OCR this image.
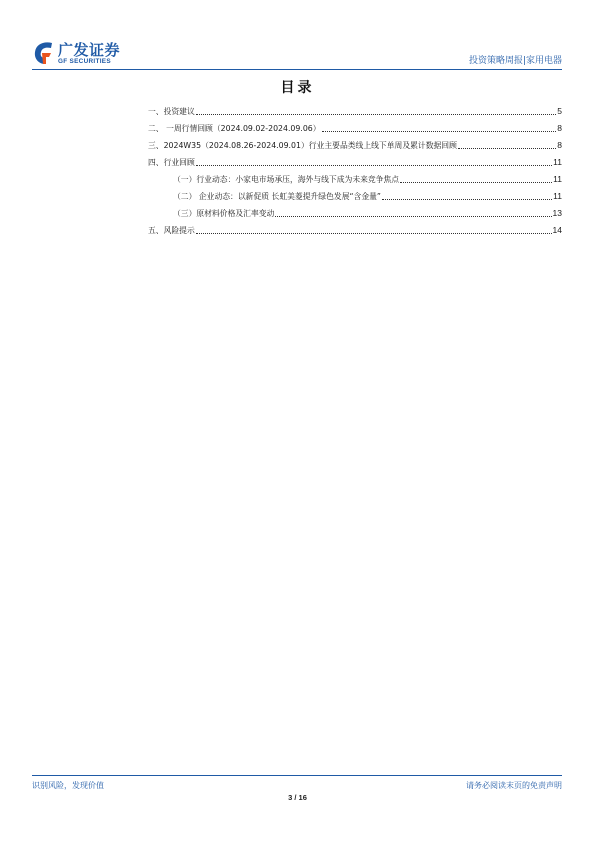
广发证券
GF SECURITIES	投资策略周报|家用电器
目录
一、投资建议	5
二、 一周行情回顾（2024.09.02-2024.09.06）	8
三、2024W35（2024.08.26-2024.09.01）行业主要品类线上线下单周及累计数据回顾	8
四、行业回顾	11
（一）行业动态：小家电市场承压，海外与线下成为未来竞争焦点	11
（二） 企业动态：以新促质 长虹美菱提升绿色发展“含金量”	11
（三）原材料价格及汇率变动	13
五、风险提示	14
识别风险，发现价值	请务必阅读末页的免责声明
3 / 16
